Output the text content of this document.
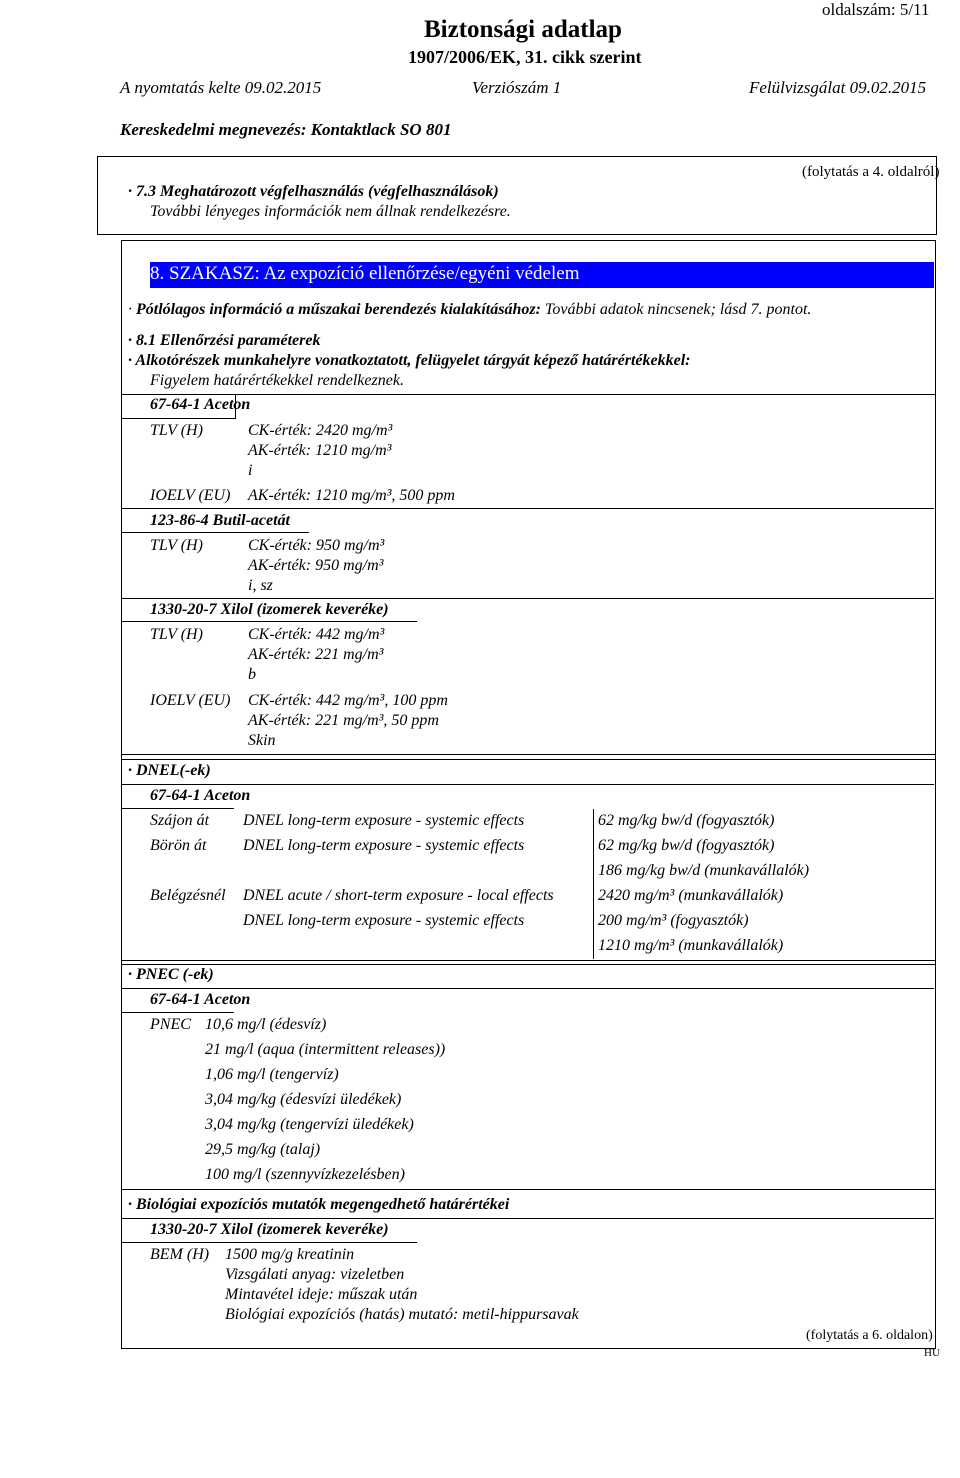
oldalszám: 5/11
Biztonsági adatlap
1907/2006/EK, 31. cikk szerint
A nyomtatás kelte 09.02.2015	Verziószám 1	Felülvizsgálat 09.02.2015
Kereskedelmi megnevezés: Kontaktlack SO 801
(folytatás a 4. oldalról)
· 7.3 Meghatározott végfelhasználás (végfelhasználások)
További lényeges információk nem állnak rendelkezésre.
8. SZAKASZ: Az expozíció ellenőrzése/egyéni védelem
· Pótlólagos információ a műszakai berendezés kialakításához: További adatok nincsenek; lásd 7. pontot.
· 8.1 Ellenőrzési paraméterek
· Alkotórészek munkahelyre vonatkoztatott, felügyelet tárgyát képező határértékekkel:
Figyelem határértékekkel rendelkeznek.
67-64-1 Aceton
TLV (H)	CK-érték: 2420 mg/m³
AK-érték: 1210 mg/m³
i
IOELV (EU) AK-érték: 1210 mg/m³, 500 ppm
123-86-4 Butil-acetát
TLV (H)	CK-érték: 950 mg/m³
AK-érték: 950 mg/m³
i, sz
1330-20-7 Xilol (izomerek keveréke)
TLV (H)	CK-érték: 442 mg/m³
AK-érték: 221 mg/m³
b
IOELV (EU) CK-érték: 442 mg/m³, 100 ppm
AK-érték: 221 mg/m³, 50 ppm
Skin
· DNEL(-ek)
67-64-1 Aceton
Szájon át DNEL long-term exposure - systemic effects	62 mg/kg bw/d (fogyasztók)
Börön át DNEL long-term exposure - systemic effects	62 mg/kg bw/d (fogyasztók)
186 mg/kg bw/d (munkavállalók)
Belégzésnél DNEL acute / short-term exposure - local effects	2420 mg/m³ (munkavállalók)
DNEL long-term exposure - systemic effects	200 mg/m³ (fogyasztók)
1210 mg/m³ (munkavállalók)
· PNEC (-ek)
67-64-1 Aceton
PNEC 10,6 mg/l (édesvíz)
21 mg/l (aqua (intermittent releases))
1,06 mg/l (tengervíz)
3,04 mg/kg (édesvízi üledékek)
3,04 mg/kg (tengervízi üledékek)
29,5 mg/kg (talaj)
100 mg/l (szennyvízkezelésben)
· Biológiai expozíciós mutatók megengedhető határértékei
1330-20-7 Xilol (izomerek keveréke)
BEM (H) 1500 mg/g kreatinin
Vizsgálati anyag: vizeletben
Mintavétel ideje: műszak után
Biológiai expozíciós (hatás) mutató: metil-hippursavak
(folytatás a 6. oldalon)
HU
